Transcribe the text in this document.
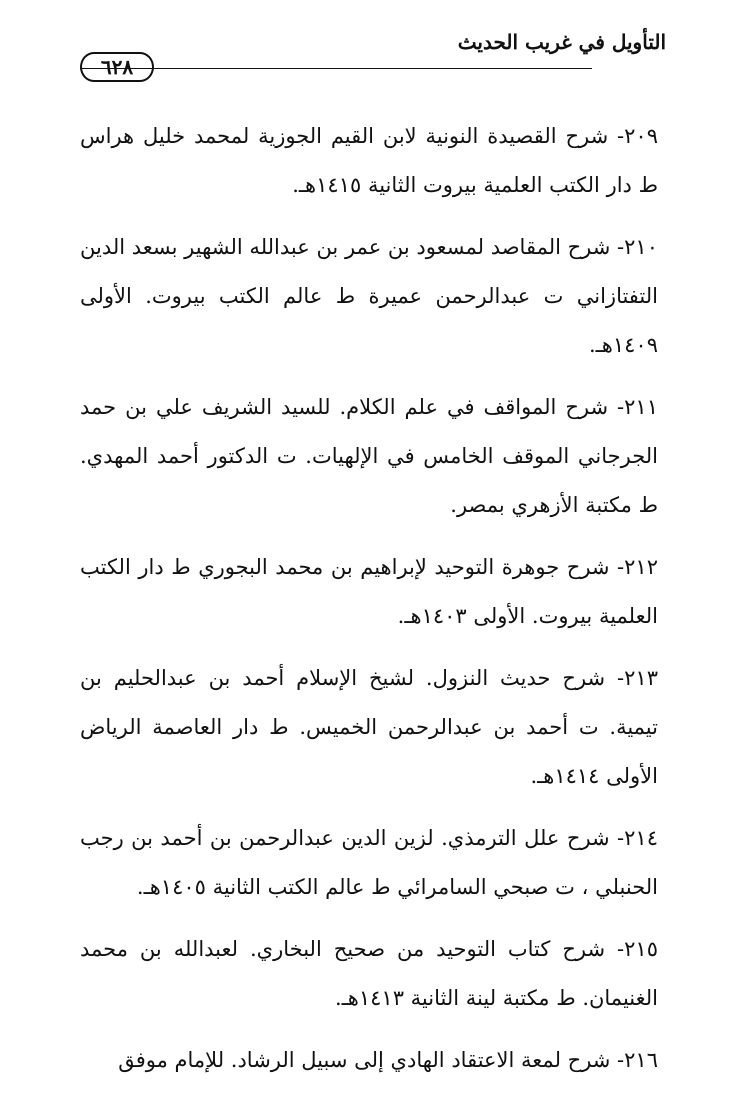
التأويل في غريب الحديث
٦٢٨

٢٠٩- شرح القصيدة النونية لابن القيم الجوزية لمحمد خليل هراس ط دار الكتب العلمية بيروت الثانية ١٤١٥هـ.

٢١٠- شرح المقاصد لمسعود بن عمر بن عبدالله الشهير بسعد الدين التفتازاني ت عبدالرحمن عميرة ط عالم الكتب بيروت. الأولى ١٤٠٩هـ.

٢١١- شرح المواقف في علم الكلام. للسيد الشريف علي بن حمد الجرجاني الموقف الخامس في الإلهيات. ت الدكتور أحمد المهدي. ط مكتبة الأزهري بمصر.

٢١٢- شرح جوهرة التوحيد لإبراهيم بن محمد البجوري ط دار الكتب العلمية بيروت. الأولى ١٤٠٣هـ.

٢١٣- شرح حديث النزول. لشيخ الإسلام أحمد بن عبدالحليم بن تيمية. ت أحمد بن عبدالرحمن الخميس. ط دار العاصمة الرياض الأولى ١٤١٤هـ.

٢١٤- شرح علل الترمذي. لزين الدين عبدالرحمن بن أحمد بن رجب الحنبلي ، ت صبحي السامرائي ط عالم الكتب الثانية ١٤٠٥هـ.

٢١٥- شرح كتاب التوحيد من صحيح البخاري. لعبدالله بن محمد الغنيمان. ط مكتبة لينة الثانية ١٤١٣هـ.

٢١٦- شرح لمعة الاعتقاد الهادي إلى سبيل الرشاد. للإمام موفق
